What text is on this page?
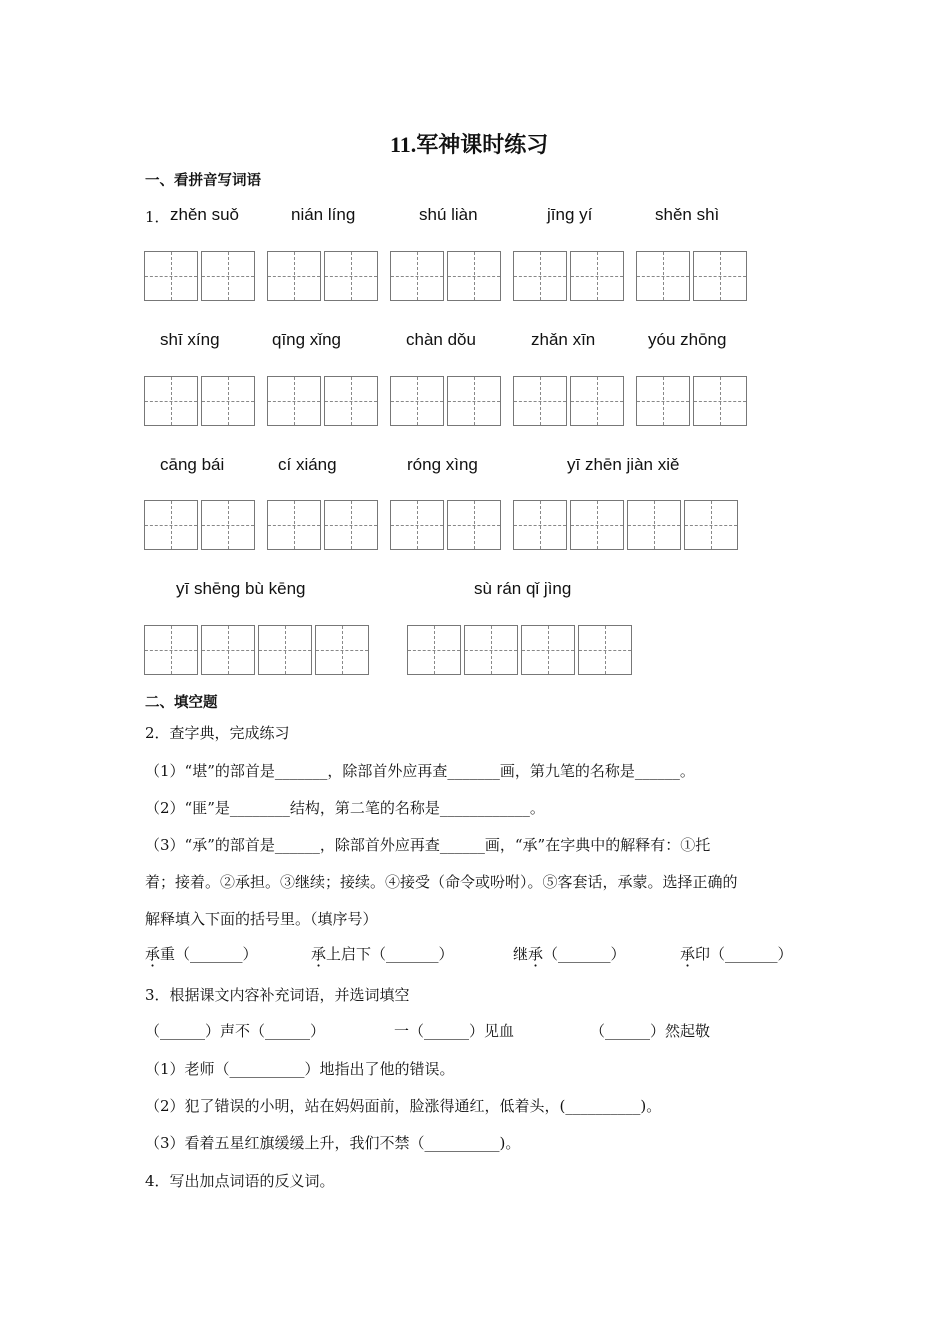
11.军神课时练习
一、看拼音写词语
1． zhěn suǒ	nián líng	shú liàn	jīng yí	shěn shì
shī xíng	qīng xǐng	chàn dǒu	zhǎn xīn	yóu zhōng
cāng bái	cí xiáng	róng xìng	yī zhēn jiàn xiě
yī shēng bù kēng	sù rán qǐ jìng
二、填空题
2．查字典，完成练习
（1）“堪”的部首是_______，除部首外应再查_______画，第九笔的名称是______。
（2）“匪”是________结构，第二笔的名称是____________。
（3）“承”的部首是______，除部首外应再查______画，“承”在字典中的解释有：①托
着；接着。②承担。③继续；接续。④接受（命令或吩咐）。⑤客套话，承蒙。选择正确的
解释填入下面的括号里。（填序号）
承重（_______）	承上启下（_______）	继承（_______）	承印（_______）
3．根据课文内容补充词语，并选词填空
（______）声不（______）	一（______）见血	（______）然起敬
（1）老师（__________）地指出了他的错误。
（2）犯了错误的小明，站在妈妈面前，脸涨得通红，低着头，(__________)。
（3）看着五星红旗缓缓上升，我们不禁（__________)。
4．写出加点词语的反义词。
